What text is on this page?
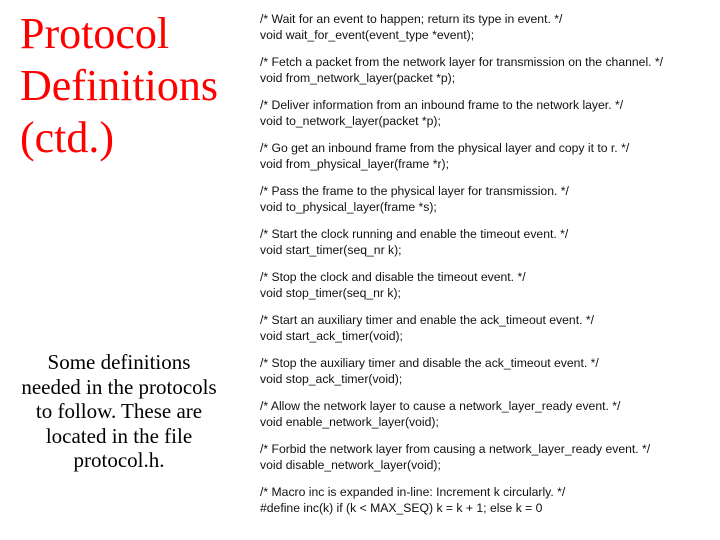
Protocol
Definitions
(ctd.)
Some definitions
needed in the protocols
to follow. These are
located in the file
protocol.h.
/* Wait for an event to happen; return its type in event. */
void wait_for_event(event_type *event);
/* Fetch a packet from the network layer for transmission on the channel. */
void from_network_layer(packet *p);
/* Deliver information from an inbound frame to the network layer. */
void to_network_layer(packet *p);
/* Go get an inbound frame from the physical layer and copy it to r. */
void from_physical_layer(frame *r);
/* Pass the frame to the physical layer for transmission. */
void to_physical_layer(frame *s);
/* Start the clock running and enable the timeout event. */
void start_timer(seq_nr k);
/* Stop the clock and disable the timeout event. */
void stop_timer(seq_nr k);
/* Start an auxiliary timer and enable the ack_timeout event. */
void start_ack_timer(void);
/* Stop the auxiliary timer and disable the ack_timeout event. */
void stop_ack_timer(void);
/* Allow the network layer to cause a network_layer_ready event. */
void enable_network_layer(void);
/* Forbid the network layer from causing a network_layer_ready event. */
void disable_network_layer(void);
/* Macro inc is expanded in-line: Increment k circularly. */
#define inc(k) if (k < MAX_SEQ) k = k + 1; else k = 0
